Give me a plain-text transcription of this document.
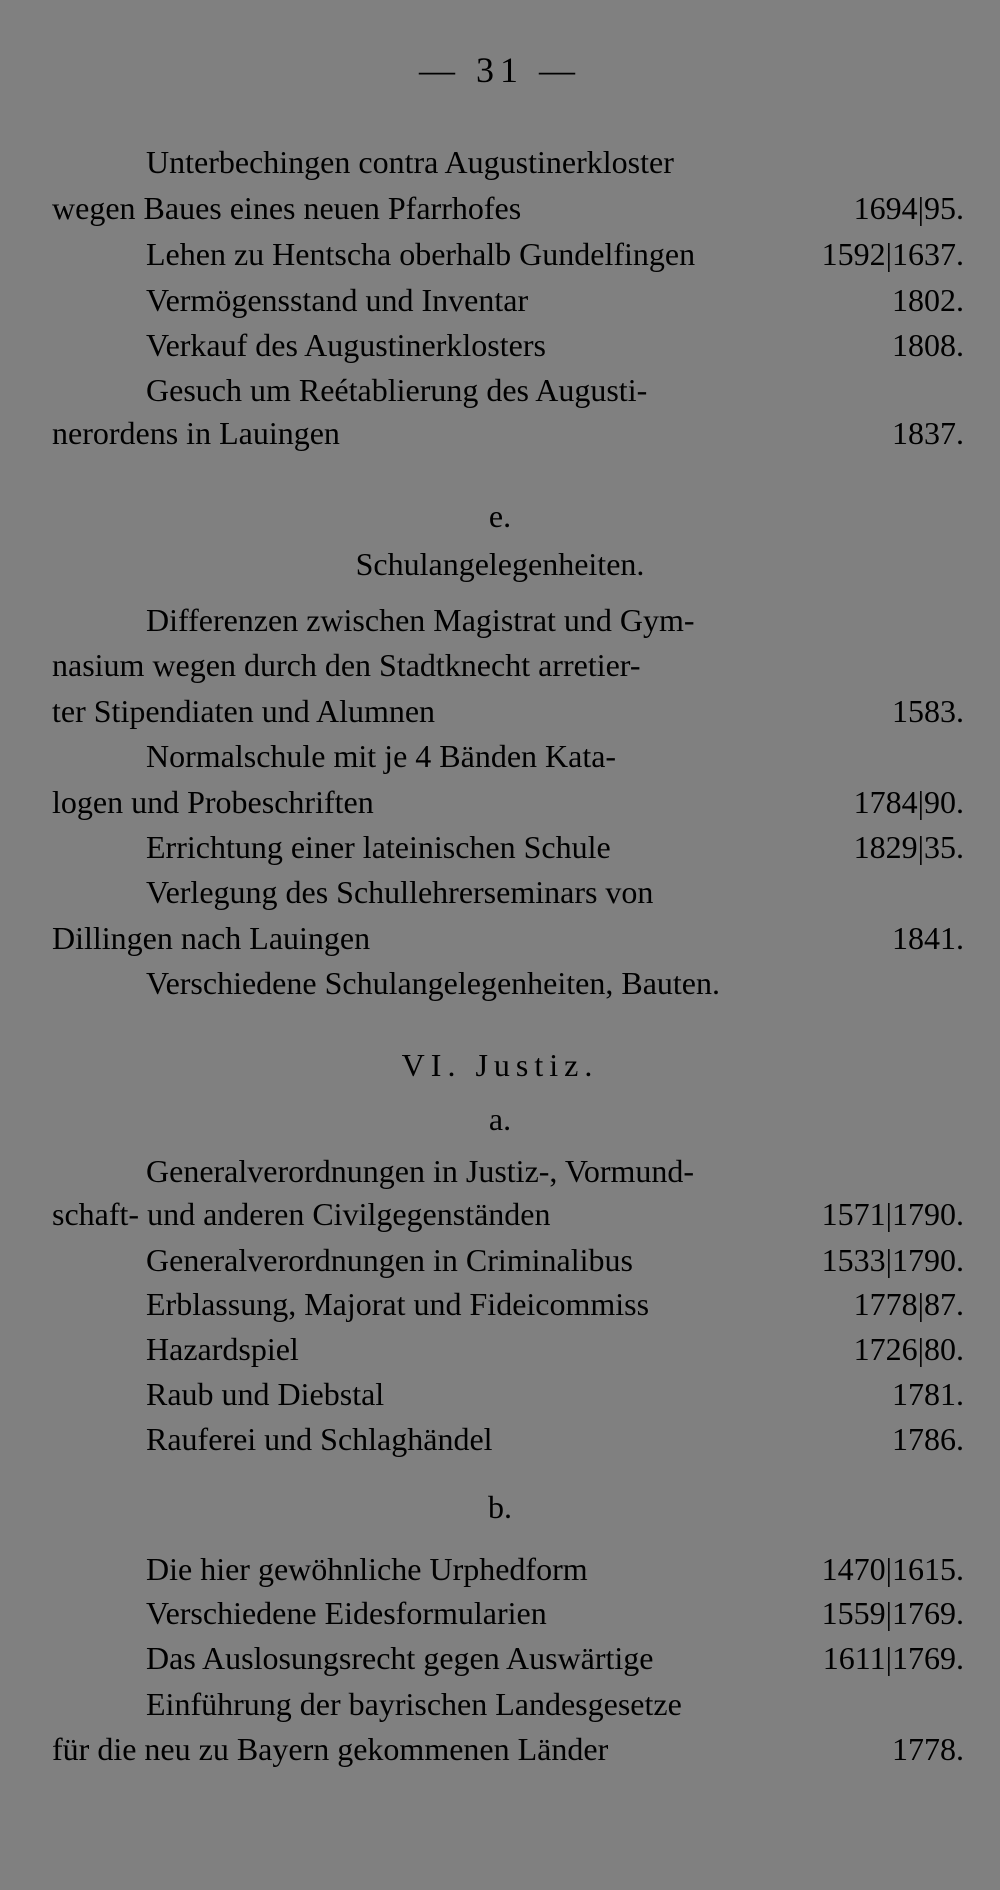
— 31 —
Unterbechingen contra Augustinerkloster
wegen Baues eines neuen Pfarrhofes	1694|95.
Lehen zu Hentscha oberhalb Gundelfingen	1592|1637.
Vermögensstand und Inventar	1802.
Verkauf des Augustinerklosters	1808.
Gesuch um Reétablierung des Augusti-
nerordens in Lauingen	1837.
e.
Schulangelegenheiten.
Differenzen zwischen Magistrat und Gym-
nasium wegen durch den Stadtknecht arretier-
ter Stipendiaten und Alumnen	1583.
Normalschule mit je 4 Bänden Kata-
logen und Probeschriften	1784|90.
Errichtung einer lateinischen Schule	1829|35.
Verlegung des Schullehrerseminars von
Dillingen nach Lauingen	1841.
Verschiedene Schulangelegenheiten, Bauten.
VI. Justiz.
a.
Generalverordnungen in Justiz-, Vormund-
schaft- und anderen Civilgegenständen	1571|1790.
Generalverordnungen in Criminalibus	1533|1790.
Erblassung, Majorat und Fideicommiss	1778|87.
Hazardspiel	1726|80.
Raub und Diebstal	1781.
Rauferei und Schlaghändel	1786.
b.
Die hier gewöhnliche Urphedform	1470|1615.
Verschiedene Eidesformularien	1559|1769.
Das Auslosungsrecht gegen Auswärtige	1611|1769.
Einführung der bayrischen Landesgesetze
für die neu zu Bayern gekommenen Länder	1778.
